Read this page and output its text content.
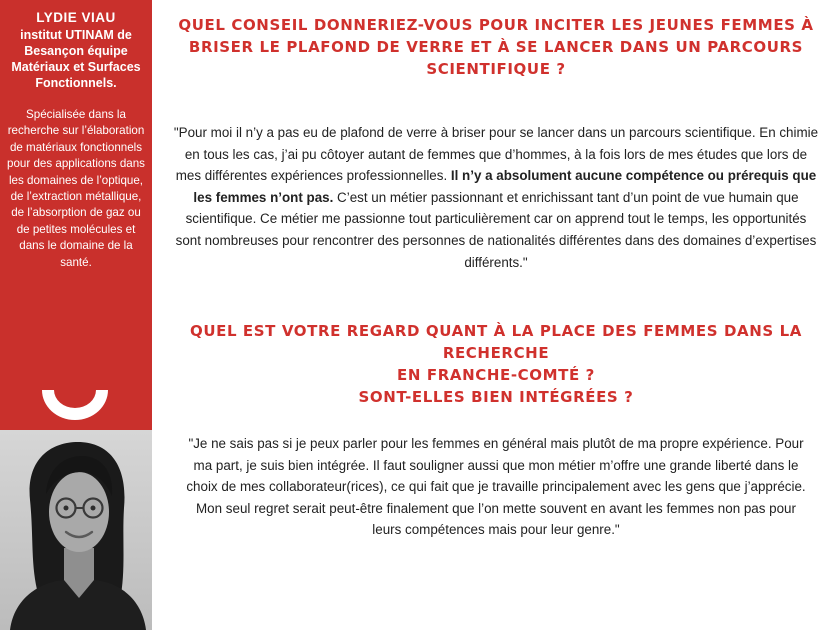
LYDIE VIAU
institut UTINAM de Besançon équipe Matériaux et Surfaces Fonctionnels.
Spécialisée dans la recherche sur l’élaboration de matériaux fonctionnels pour des applications dans les domaines de l’optique, de l’extraction métallique, de l’absorption de gaz ou de petites molécules et dans le domaine de la santé.
QUEL CONSEIL DONNERIEZ-VOUS POUR INCITER LES JEUNES FEMMES À
BRISER LE PLAFOND DE VERRE ET À SE LANCER DANS UN PARCOURS
SCIENTIFIQUE ?

"Pour moi il n’y a pas eu de plafond de verre à briser pour se lancer dans un parcours scientifique. En chimie en tous les cas, j’ai pu côtoyer autant de femmes que d’hommes, à la fois lors de mes études que lors de mes différentes expériences professionnelles. Il n’y a absolument aucune compétence ou prérequis que les femmes n’ont pas. C’est un métier passionnant et enrichissant tant d’un point de vue humain que scientifique. Ce métier me passionne tout particulièrement car on apprend tout le temps, les opportunités sont nombreuses pour rencontrer des personnes de nationalités différentes dans des domaines d’expertises différents."

QUEL EST VOTRE REGARD QUANT À LA PLACE DES FEMMES DANS LA RECHERCHE
EN FRANCHE-COMTÉ ?
SONT-ELLES BIEN INTÉGRÉES ?

"Je ne sais pas si je peux parler pour les femmes en général mais plutôt de ma propre expérience. Pour ma part, je suis bien intégrée. Il faut souligner aussi que mon métier m’offre une grande liberté dans le choix de mes collaborateur(rices), ce qui fait que je travaille principalement avec les gens que j’apprécie. Mon seul regret serait peut-être finalement que l’on mette souvent en avant les femmes non pas pour leurs compétences mais pour leur genre."
